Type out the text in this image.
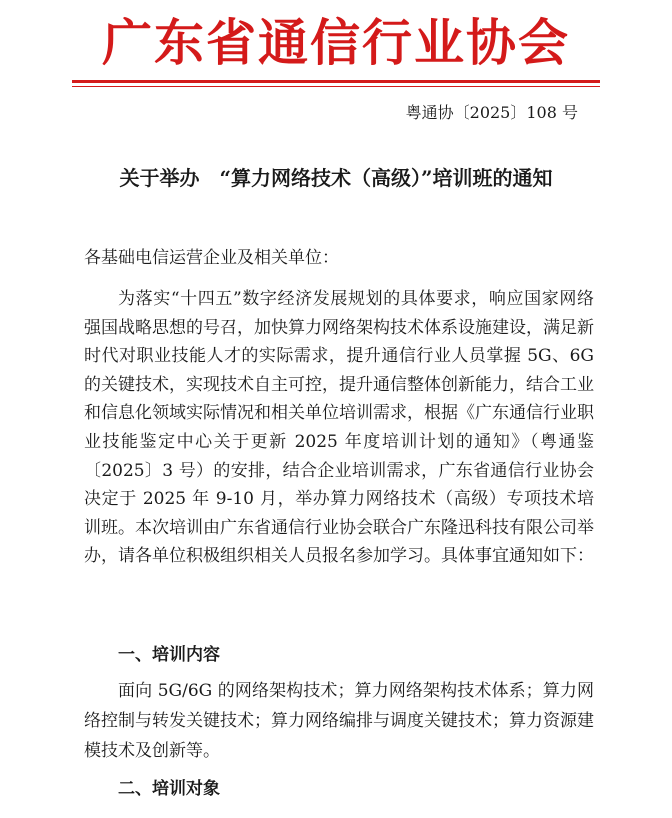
广东省通信行业协会
粤通协〔2025〕108 号
关于举办　“算力网络技术（高级）”培训班的通知
各基础电信运营企业及相关单位：
为落实“十四五”数字经济发展规划的具体要求，响应国家网络强国战略思想的号召，加快算力网络架构技术体系设施建设，满足新时代对职业技能人才的实际需求，提升通信行业人员掌握 5G、6G 的关键技术，实现技术自主可控，提升通信整体创新能力，结合工业和信息化领域实际情况和相关单位培训需求，根据《广东通信行业职业技能鉴定中心关于更新 2025 年度培训计划的通知》（粤通鉴〔2025〕3 号）的安排，结合企业培训需求，广东省通信行业协会决定于 2025 年 9-10 月，举办算力网络技术（高级）专项技术培训班。本次培训由广东省通信行业协会联合广东隆迅科技有限公司举办，请各单位积极组织相关人员报名参加学习。具体事宜通知如下：
一、培训内容
面向 5G/6G 的网络架构技术；算力网络架构技术体系；算力网络控制与转发关键技术；算力网络编排与调度关键技术；算力资源建模技术及创新等。
二、培训对象
